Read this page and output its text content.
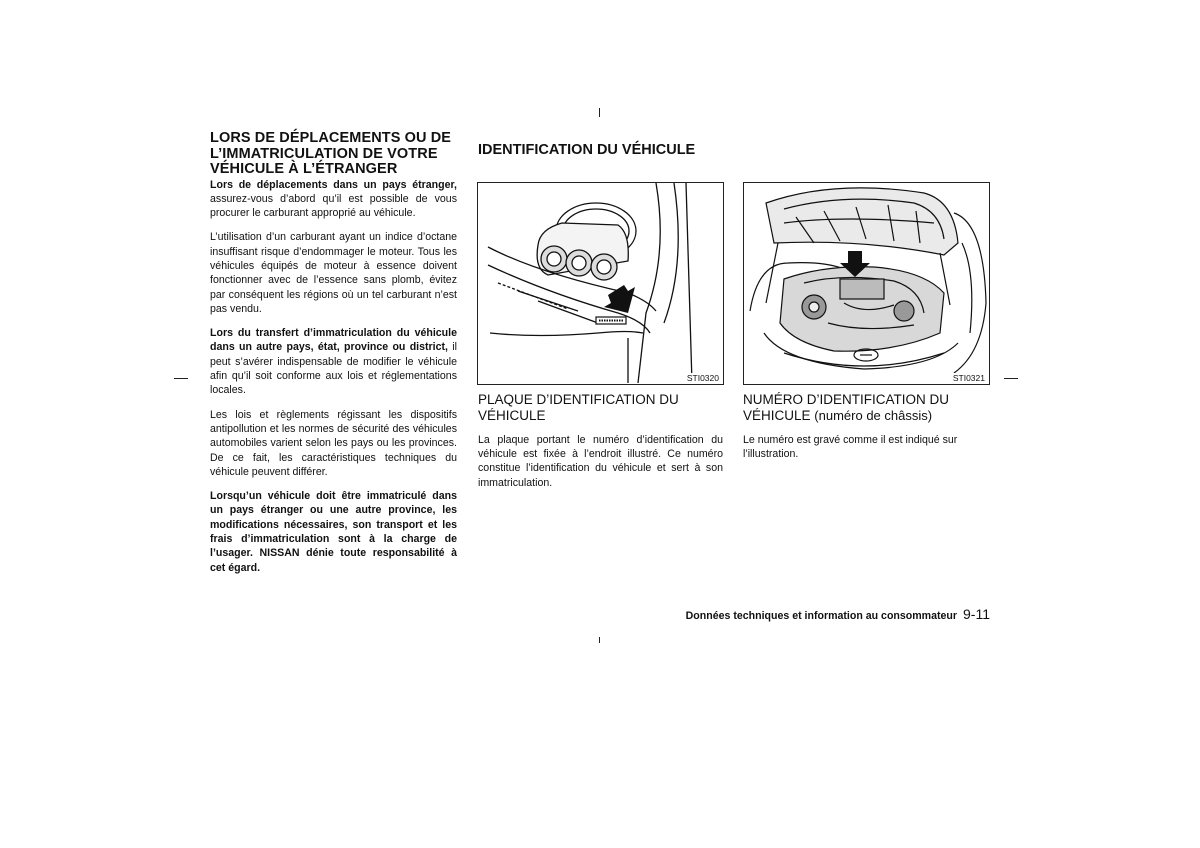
LORS DE DÉPLACEMENTS OU DE L’IMMATRICULATION DE VOTRE VÉHICULE À L’ÉTRANGER

Lors de déplacements dans un pays étranger, assurez-vous d’abord qu’il est possible de vous procurer le carburant approprié au véhicule.

L’utilisation d’un carburant ayant un indice d’octane insuffisant risque d’endommager le moteur. Tous les véhicules équipés de moteur à essence doivent fonctionner avec de l’essence sans plomb, évitez par conséquent les régions où un tel carburant n’est pas vendu.

Lors du transfert d’immatriculation du véhicule dans un autre pays, état, province ou district, il peut s’avérer indispensable de modifier le véhicule afin qu’il soit conforme aux lois et réglementations locales.

Les lois et règlements régissant les dispositifs antipollution et les normes de sécurité des véhicules automobiles varient selon les pays ou les provinces. De ce fait, les caractéristiques techniques du véhicule peuvent différer.

Lorsqu’un véhicule doit être immatriculé dans un pays étranger ou une autre province, les modifications nécessaires, son transport et les frais d’immatriculation sont à la charge de l’usager. NISSAN dénie toute responsabilité à cet égard.

IDENTIFICATION DU VÉHICULE
STI0320	STI0321
PLAQUE D’IDENTIFICATION DU VÉHICULE

La plaque portant le numéro d’identification du véhicule est fixée à l’endroit illustré. Ce numéro constitue l’identification du véhicule et sert à son immatriculation.

NUMÉRO D’IDENTIFICATION DU VÉHICULE (numéro de châssis)

Le numéro est gravé comme il est indiqué sur l’illustration.

Données techniques et information au consommateur 9-11
